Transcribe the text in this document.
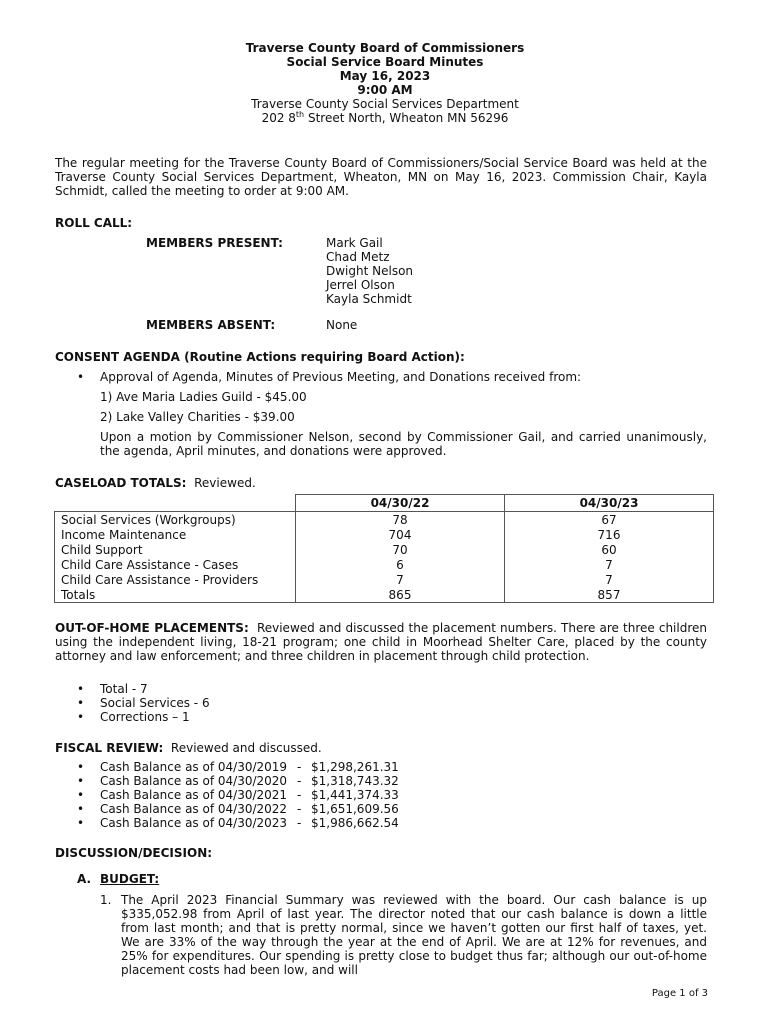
Traverse County Board of Commissioners
Social Service Board Minutes
May 16, 2023
9:00 AM
Traverse County Social Services Department
202 8th Street North, Wheaton MN 56296
The regular meeting for the Traverse County Board of Commissioners/Social Service Board was held at the Traverse County Social Services Department, Wheaton, MN on May 16, 2023. Commission Chair, Kayla Schmidt, called the meeting to order at 9:00 AM.
ROLL CALL:
MEMBERS PRESENT:	Mark Gail
Chad Metz
Dwight Nelson
Jerrel Olson
Kayla Schmidt
MEMBERS ABSENT:	None
CONSENT AGENDA (Routine Actions requiring Board Action):
• Approval of Agenda, Minutes of Previous Meeting, and Donations received from:
1) Ave Maria Ladies Guild - $45.00
2) Lake Valley Charities - $39.00
Upon a motion by Commissioner Nelson, second by Commissioner Gail, and carried unanimously, the agenda, April minutes, and donations were approved.
CASELOAD TOTALS: Reviewed.
	04/30/22	04/30/23
Social Services (Workgroups)	78	67
Income Maintenance	704	716
Child Support	70	60
Child Care Assistance - Cases	6	7
Child Care Assistance - Providers	7	7
Totals	865	857
OUT-OF-HOME PLACEMENTS: Reviewed and discussed the placement numbers. There are three children using the independent living, 18-21 program; one child in Moorhead Shelter Care, placed by the county attorney and law enforcement; and three children in placement through child protection.
• Total - 7
• Social Services - 6
• Corrections – 1
FISCAL REVIEW: Reviewed and discussed.
• Cash Balance as of 04/30/2019 - $1,298,261.31
• Cash Balance as of 04/30/2020 - $1,318,743.32
• Cash Balance as of 04/30/2021 - $1,441,374.33
• Cash Balance as of 04/30/2022 - $1,651,609.56
• Cash Balance as of 04/30/2023 - $1,986,662.54
DISCUSSION/DECISION:
A. BUDGET:
1. The April 2023 Financial Summary was reviewed with the board. Our cash balance is up $335,052.98 from April of last year. The director noted that our cash balance is down a little from last month; and that is pretty normal, since we haven’t gotten our first half of taxes, yet. We are 33% of the way through the year at the end of April. We are at 12% for revenues, and 25% for expenditures. Our spending is pretty close to budget thus far; although our out-of-home placement costs had been low, and will
Page 1 of 3
